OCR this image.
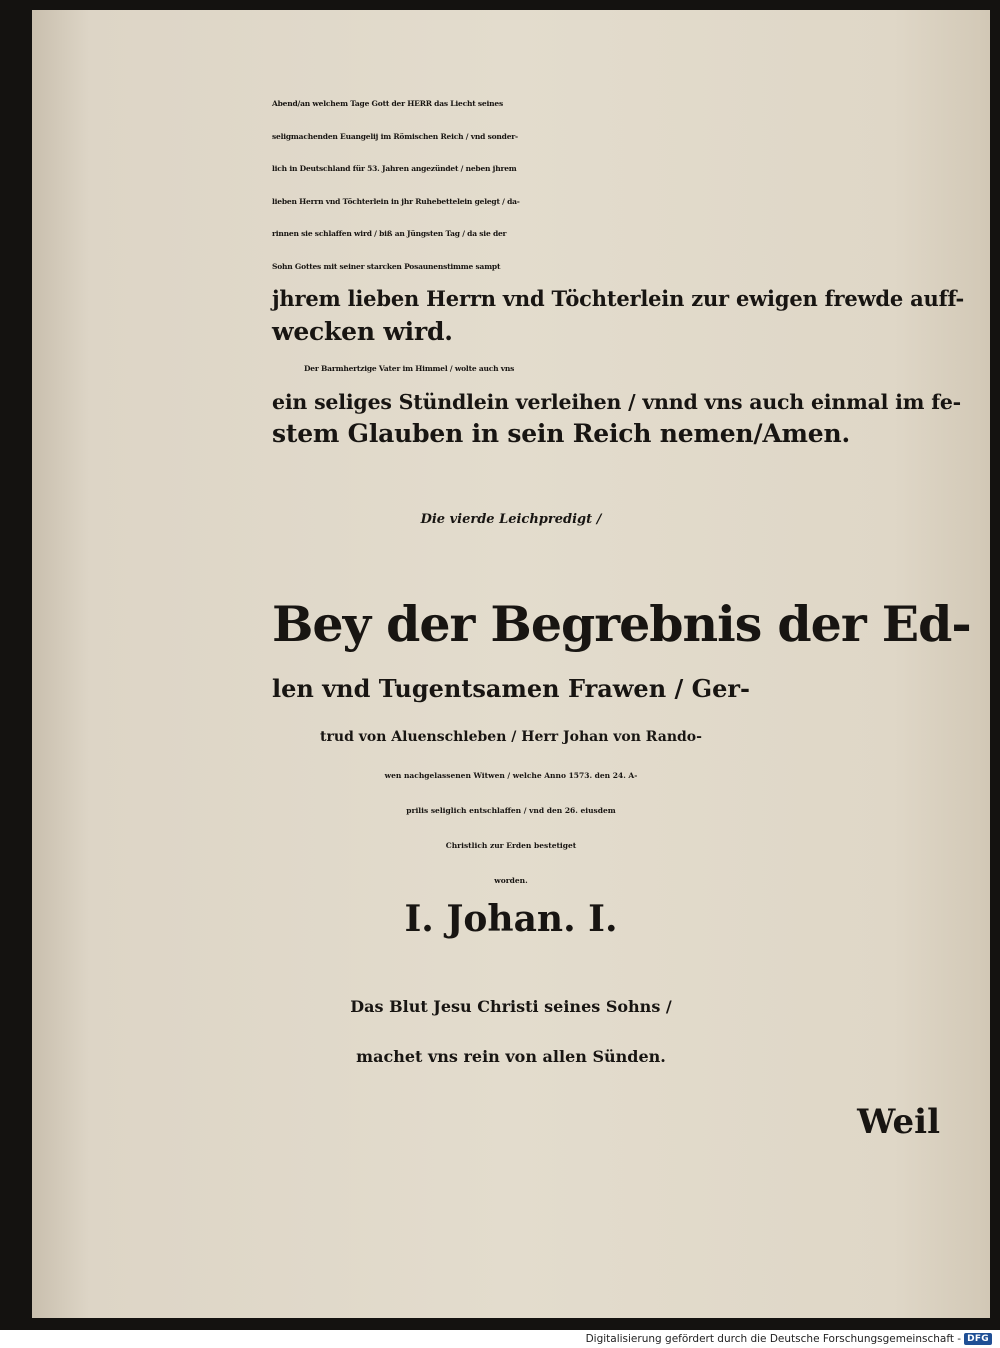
Abend/an welchem Tage Gott der HERR das Liecht seines
seligmachenden Euangelij im Römischen Reich / vnd sonder-
lich in Deutschland für 53. Jahren angezündet / neben jhrem
lieben Herrn vnd Töchterlein in jhr Ruhebettelein gelegt / da-
rinnen sie schlaffen wird / biß an Jüngsten Tag / da sie der
Sohn Gottes mit seiner starcken Posaunenstimme sampt
jhrem lieben Herrn vnd Töchterlein zur ewigen frewde auff-
wecken wird.
Der Barmhertzige Vater im Himmel / wolte auch vns
ein seliges Stündlein verleihen / vnnd vns auch einmal im fe-
stem Glauben in sein Reich nemen/Amen.
Die vierde Leichpredigt /
Bey der Begrebnis der Ed-
len vnd Tugentsamen Frawen / Ger-
trud von Aluenschleben / Herr Johan von Rando-
wen nachgelassenen Witwen / welche Anno 1573. den 24. A-
prilis seliglich entschlaffen / vnd den 26. eiusdem
Christlich zur Erden bestetiget
worden.
I. Johan. I.
Das Blut Jesu Christi seines Sohns /
machet vns rein von allen Sünden.
Weil
Digitalisierung gefördert durch die Deutsche Forschungsgemeinschaft - DFG
